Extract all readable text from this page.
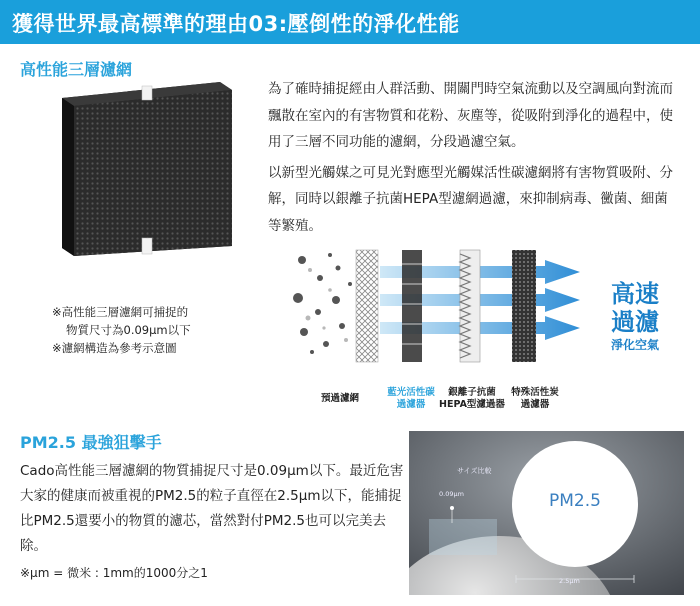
獲得世界最高標準的理由03:壓倒性的淨化性能
高性能三層濾網

為了確時捕捉經由人群活動、開關門時空氣流動以及空調風向對流而飄散在室內的有害物質和花粉、灰塵等，從吸附到淨化的過程中，使用了三層不同功能的濾網，分段過濾空氣。

以新型光觸媒之可見光對應型光觸媒活性碳濾網將有害物質吸附、分解，同時以銀離子抗菌HEPA型濾網過濾，來抑制病毒、黴菌、細菌等繁殖。

※高性能三層濾網可捕捉的
物質尺寸為0.09μm以下
※濾網構造為參考示意圖
預過濾網
藍光活性碳
過濾器
銀離子抗菌
HEPA型濾過器
特殊活性炭
過濾器
高速
過濾
淨化空氣
PM2.5 最強狙擊手
Cado高性能三層濾網的物質捕捉尺寸是0.09μm以下。最近危害大家的健康而被重視的PM2.5的粒子直徑在2.5μm以下，能捕捉比PM2.5還要小的物質的濾芯，當然對付PM2.5也可以完美去除。
※μm = 微米 : 1mm的1000分之1
サイズ比較
0.09μm	PM2.5
2.5μm
